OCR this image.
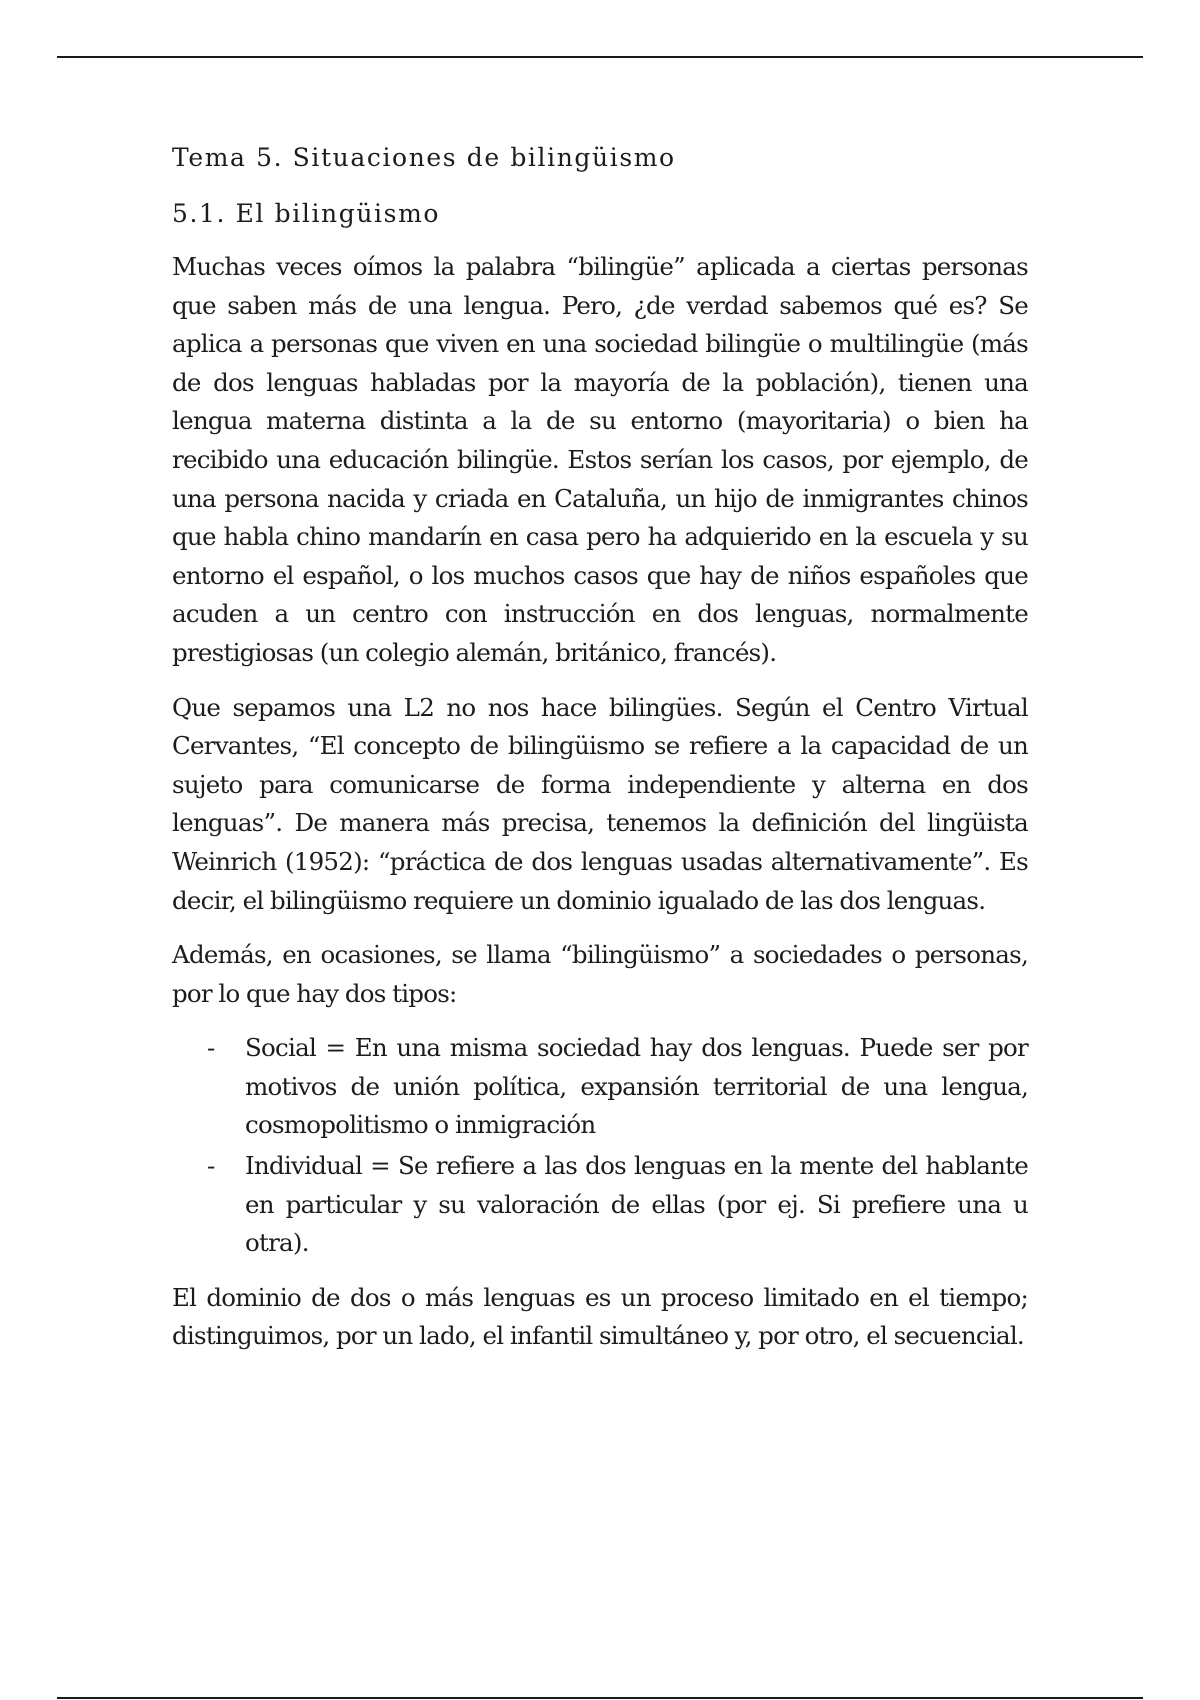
Tema 5. Situaciones de bilingüismo
5.1. El bilingüismo

Muchas veces oímos la palabra “bilingüe” aplicada a ciertas personas que saben más de una lengua. Pero, ¿de verdad sabemos qué es? Se aplica a personas que viven en una sociedad bilingüe o multilingüe (más de dos lenguas habladas por la mayoría de la población), tienen una lengua materna distinta a la de su entorno (mayoritaria) o bien ha recibido una educación bilingüe. Estos serían los casos, por ejemplo, de una persona nacida y criada en Cataluña, un hijo de inmigrantes chinos que habla chino mandarín en casa pero ha adquierido en la escuela y su entorno el español, o los muchos casos que hay de niños españoles que acuden a un centro con instrucción en dos lenguas, normalmente prestigiosas (un colegio alemán, británico, francés).

Que sepamos una L2 no nos hace bilingües. Según el Centro Virtual Cervantes, “El concepto de bilingüismo se refiere a la capacidad de un sujeto para comunicarse de forma independiente y alterna en dos lenguas”. De manera más precisa, tenemos la definición del lingüista Weinrich (1952): “práctica de dos lenguas usadas alternativamente”. Es decir, el bilingüismo requiere un dominio igualado de las dos lenguas.

Además, en ocasiones, se llama “bilingüismo” a sociedades o personas, por lo que hay dos tipos:

- Social = En una misma sociedad hay dos lenguas. Puede ser por motivos de unión política, expansión territorial de una lengua, cosmopolitismo o inmigración
- Individual = Se refiere a las dos lenguas en la mente del hablante en particular y su valoración de ellas (por ej. Si prefiere una u otra).

El dominio de dos o más lenguas es un proceso limitado en el tiempo; distinguimos, por un lado, el infantil simultáneo y, por otro, el secuencial.
